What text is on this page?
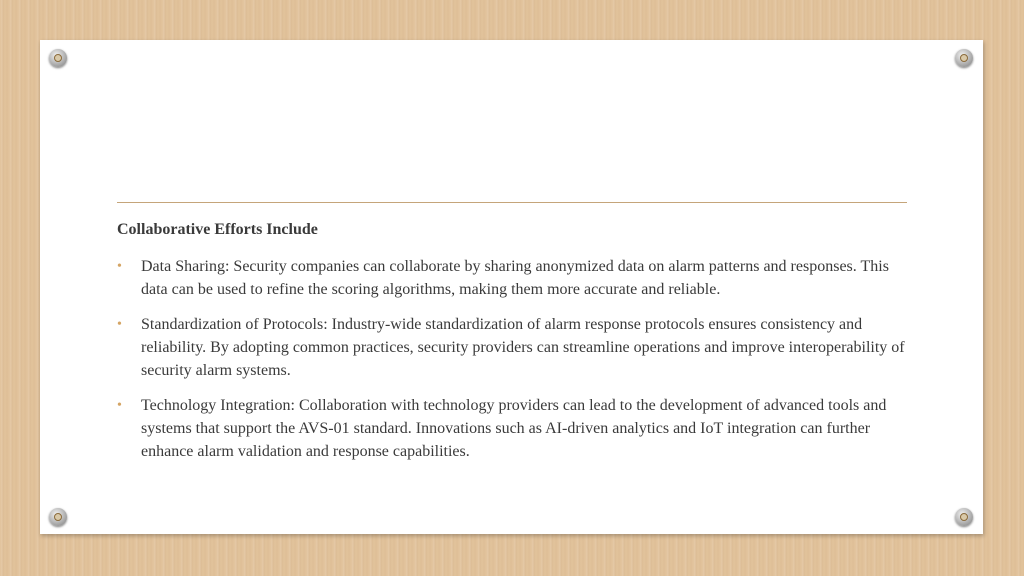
Collaborative Efforts Include
• Data Sharing: Security companies can collaborate by sharing anonymized data on alarm patterns and responses. This data can be used to refine the scoring algorithms, making them more accurate and reliable.
• Standardization of Protocols: Industry-wide standardization of alarm response protocols ensures consistency and reliability. By adopting common practices, security providers can streamline operations and improve interoperability of security alarm systems.
• Technology Integration: Collaboration with technology providers can lead to the development of advanced tools and systems that support the AVS-01 standard. Innovations such as AI-driven analytics and IoT integration can further enhance alarm validation and response capabilities.
